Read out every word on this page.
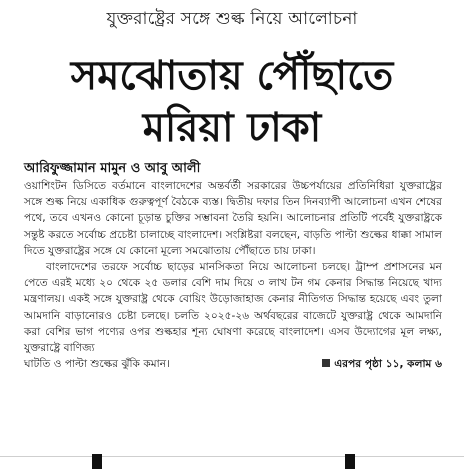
যুক্তরাষ্ট্রের সঙ্গে শুল্ক নিয়ে আলোচনা
সমঝোতায় পৌঁছাতে
মরিয়া ঢাকা
আরিফুজ্জামান মামুন ও আবু আলী

ওয়াশিংটন ডিসিতে বর্তমানে বাংলাদেশের অন্তর্বর্তী সরকারের উচ্চপর্যায়ের প্রতিনিধিরা যুক্তরাষ্ট্রের সঙ্গে শুল্ক নিয়ে একাধিক গুরুত্বপূর্ণ বৈঠকে ব্যস্ত। দ্বিতীয় দফার তিন দিনব্যাপী আলোচনা এখন শেষের পথে, তবে এখনও কোনো চূড়ান্ত চুক্তির সম্ভাবনা তৈরি হয়নি। আলোচনার প্রতিটি পর্বেই যুক্তরাষ্ট্রকে সন্তুষ্ট করতে সর্বোচ্চ প্রচেষ্টা চালাচ্ছে বাংলাদেশ। সংশ্লিষ্টরা বলছেন, বাড়তি পাল্টা শুল্কের ধাক্কা সামাল দিতে যুক্তরাষ্ট্রের সঙ্গে যে কোনো মূল্যে সমঝোতায় পৌঁছাতে চায় ঢাকা।

বাংলাদেশের তরফে সর্বোচ্চ ছাড়ের মানসিকতা নিয়ে আলোচনা চলছে। ট্রাম্প প্রশাসনের মন পেতে এরই মধ্যে ২০ থেকে ২৫ ডলার বেশি দাম দিয়ে ৩ লাখ টন গম কেনার সিদ্ধান্ত নিয়েছে খাদ্য মন্ত্রণালয়। একই সঙ্গে যুক্তরাষ্ট্র থেকে বোয়িং উড়োজাহাজ কেনার নীতিগত সিদ্ধান্ত হয়েছে এবং তুলা আমদানি বাড়ানোরও চেষ্টা চলছে। চলতি ২০২৫-২৬ অর্থবছরের বাজেটে যুক্তরাষ্ট্র থেকে আমদানি করা বেশির ভাগ পণ্যের ওপর শুল্কহার শূন্য ঘোষণা করেছে বাংলাদেশ। এসব উদ্যোগের মূল লক্ষ্য, যুক্তরাষ্ট্রে বাণিজ্য

ঘাটতি ও পাল্টা শুল্কের ঝুঁকি কমান।	এরপর পৃষ্ঠা ১১, কলাম ৬
